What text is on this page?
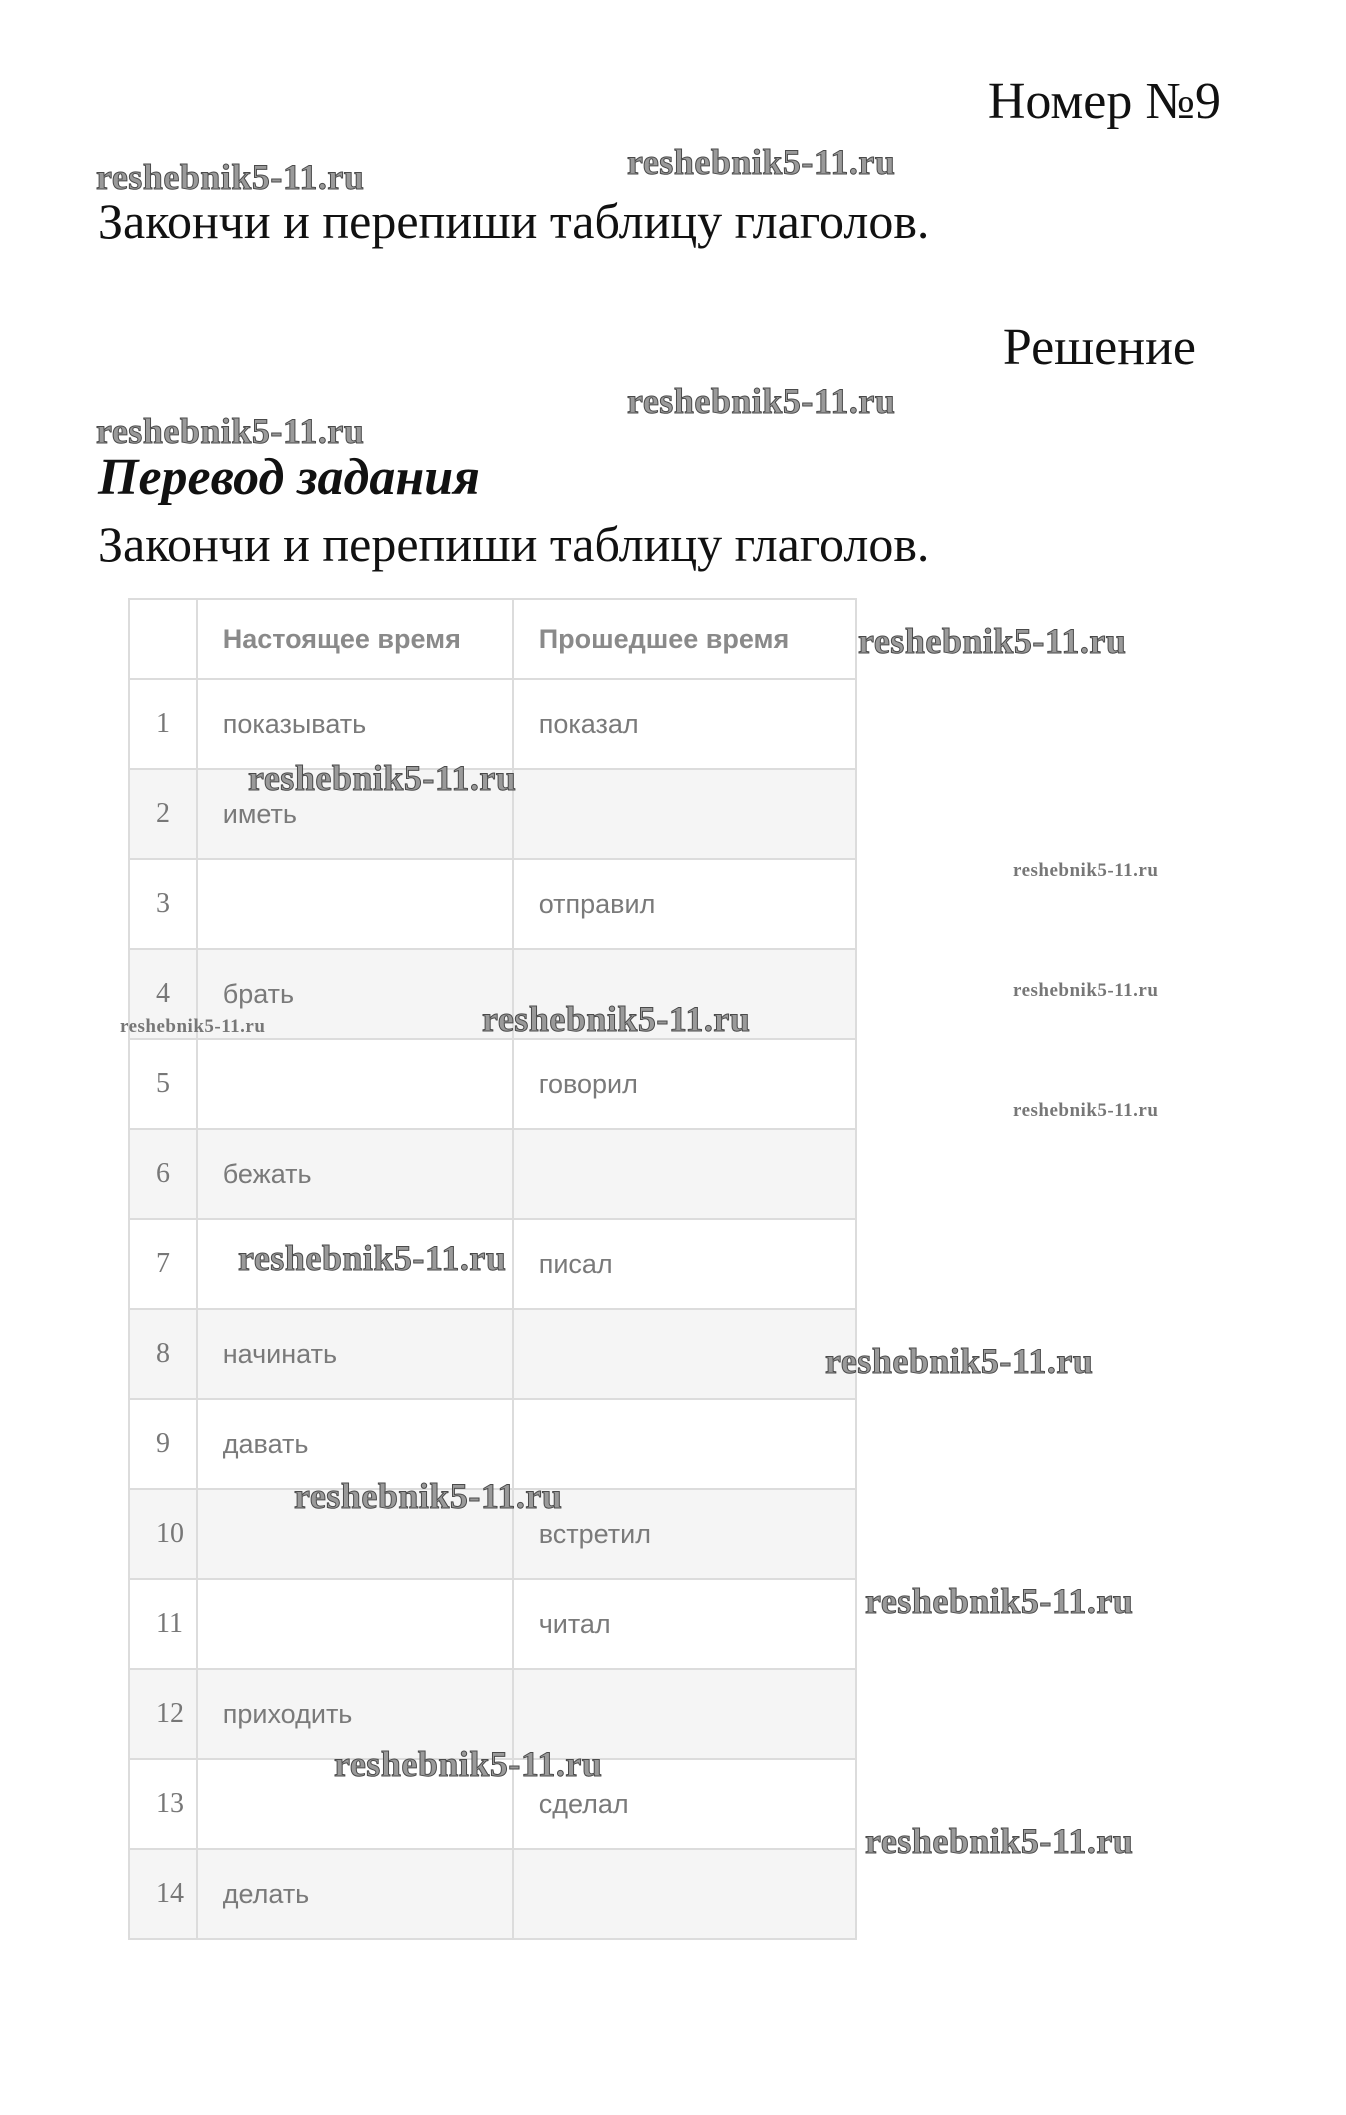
Номер №9
Закончи и перепиши таблицу глаголов.
Решение
Перевод задания
Закончи и перепиши таблицу глаголов.
	Настоящее время	Прошедшее время
1	показывать	показал
2	иметь	
3		отправил
4	брать	
5		говорил
6	бежать	
7		писал
8	начинать	
9	давать	
10		встретил
11		читал
12	приходить	
13		сделал
14	делать	
reshebnik5-11.ru	reshebnik5-11.ru
reshebnik5-11.ru
reshebnik5-11.ru
reshebnik5-11.ru
reshebnik5-11.ru
reshebnik5-11.ru
reshebnik5-11.ru
reshebnik5-11.ru
reshebnik5-11.ru
reshebnik5-11.ru
reshebnik5-11.ru
reshebnik5-11.ru
reshebnik5-11.ru
reshebnik5-11.ru
reshebnik5-11.ru
reshebnik5-11.ru
